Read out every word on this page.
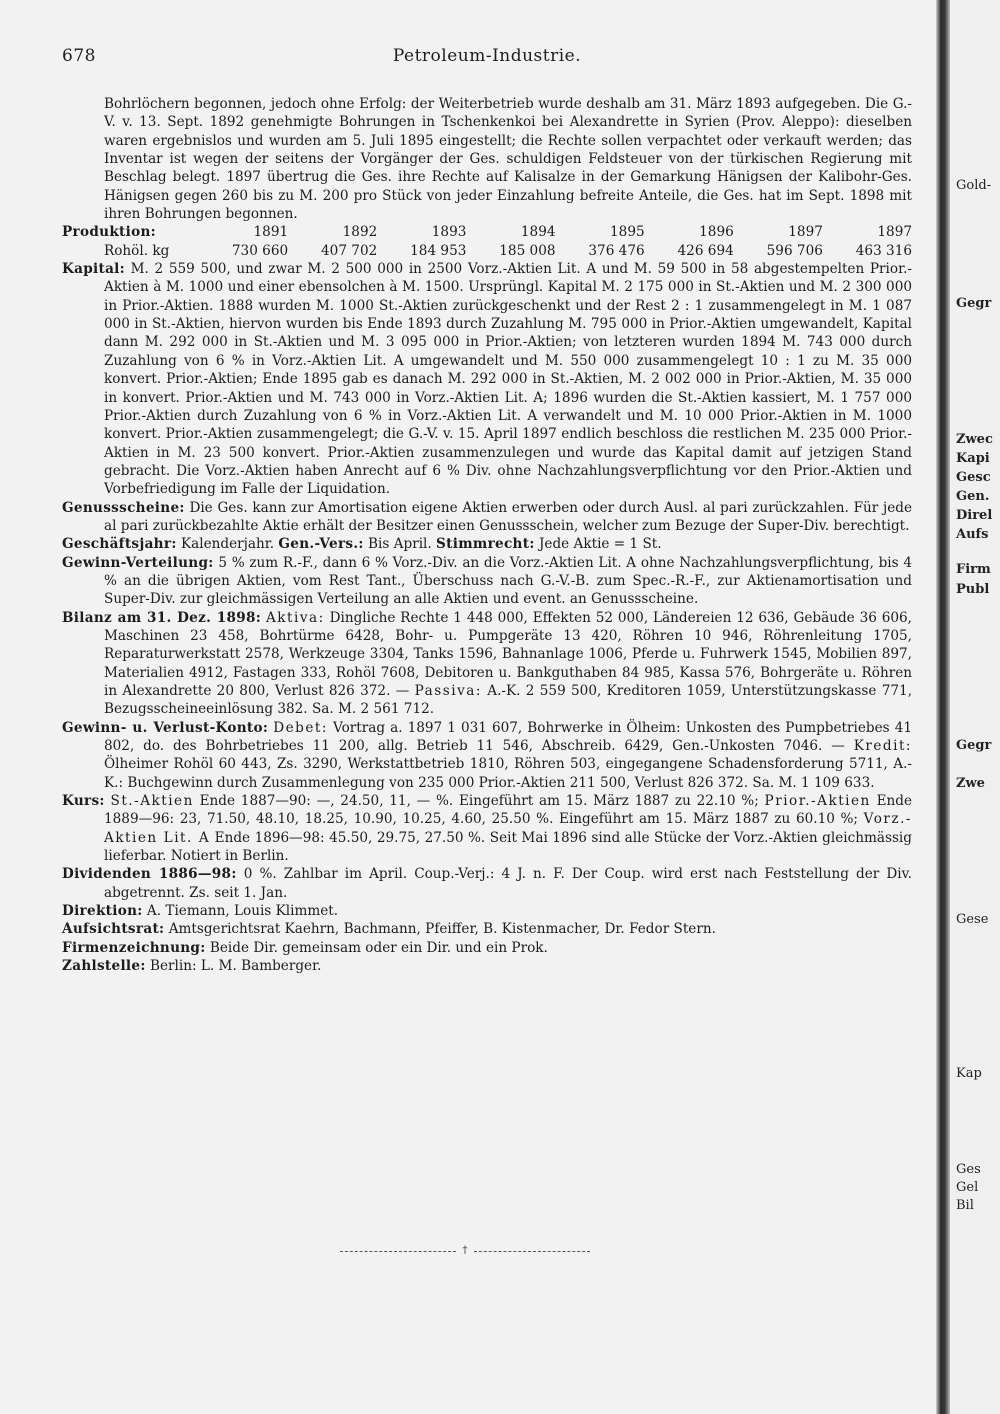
678	Petroleum-Industrie.

Bohrlöchern begonnen, jedoch ohne Erfolg: der Weiterbetrieb wurde deshalb am 31. März 1893 aufgegeben. Die G.-V. v. 13. Sept. 1892 genehmigte Bohrungen in Tschenkenkoi bei Alexandrette in Syrien (Prov. Aleppo): dieselben waren ergebnislos und wurden am 5. Juli 1895 eingestellt; die Rechte sollen verpachtet oder verkauft werden; das Inventar ist wegen der seitens der Vorgänger der Ges. schuldigen Feldsteuer von der türkischen Regierung mit Beschlag belegt. 1897 übertrug die Ges. ihre Rechte auf Kalisalze in der Gemarkung Hänigsen der Kalibohr-Ges. Hänigsen gegen 260 bis zu M. 200 pro Stück von jeder Einzahlung befreite Anteile, die Ges. hat im Sept. 1898 mit ihren Bohrungen begonnen.

Produktion:	1891	1892	1893	1894	1895	1896	1897	1897
Rohöl. kg	730 660	407 702	184 953	185 008	376 476	426 694	596 706	463 316

Kapital: M. 2 559 500, und zwar M. 2 500 000 in 2500 Vorz.-Aktien Lit. A und M. 59 500 in 58 abgestempelten Prior.-Aktien à M. 1000 und einer ebensolchen à M. 1500. Ursprüngl. Kapital M. 2 175 000 in St.-Aktien und M. 2 300 000 in Prior.-Aktien. 1888 wurden M. 1000 St.-Aktien zurückgeschenkt und der Rest 2 : 1 zusammengelegt in M. 1 087 000 in St.-Aktien, hiervon wurden bis Ende 1893 durch Zuzahlung M. 795 000 in Prior.-Aktien umgewandelt, Kapital dann M. 292 000 in St.-Aktien und M. 3 095 000 in Prior.-Aktien; von letzteren wurden 1894 M. 743 000 durch Zuzahlung von 6 % in Vorz.-Aktien Lit. A umgewandelt und M. 550 000 zusammengelegt 10 : 1 zu M. 35 000 konvert. Prior.-Aktien; Ende 1895 gab es danach M. 292 000 in St.-Aktien, M. 2 002 000 in Prior.-Aktien, M. 35 000 in konvert. Prior.-Aktien und M. 743 000 in Vorz.-Aktien Lit. A; 1896 wurden die St.-Aktien kassiert, M. 1 757 000 Prior.-Aktien durch Zuzahlung von 6 % in Vorz.-Aktien Lit. A verwandelt und M. 10 000 Prior.-Aktien in M. 1000 konvert. Prior.-Aktien zusammengelegt; die G.-V. v. 15. April 1897 endlich beschloss die restlichen M. 235 000 Prior.-Aktien in M. 23 500 konvert. Prior.-Aktien zusammenzulegen und wurde das Kapital damit auf jetzigen Stand gebracht. Die Vorz.-Aktien haben Anrecht auf 6 % Div. ohne Nachzahlungsverpflichtung vor den Prior.-Aktien und Vorbefriedigung im Falle der Liquidation.

Genussscheine: Die Ges. kann zur Amortisation eigene Aktien erwerben oder durch Ausl. al pari zurückzahlen. Für jede al pari zurückbezahlte Aktie erhält der Besitzer einen Genussschein, welcher zum Bezuge der Super-Div. berechtigt.

Geschäftsjahr: Kalenderjahr. Gen.-Vers.: Bis April. Stimmrecht: Jede Aktie = 1 St.

Gewinn-Verteilung: 5 % zum R.-F., dann 6 % Vorz.-Div. an die Vorz.-Aktien Lit. A ohne Nachzahlungsverpflichtung, bis 4 % an die übrigen Aktien, vom Rest Tant., Überschuss nach G.-V.-B. zum Spec.-R.-F., zur Aktienamortisation und Super-Div. zur gleichmässigen Verteilung an alle Aktien und event. an Genussscheine.

Bilanz am 31. Dez. 1898: Aktiva: Dingliche Rechte 1 448 000, Effekten 52 000, Ländereien 12 636, Gebäude 36 606, Maschinen 23 458, Bohrtürme 6428, Bohr- u. Pumpgeräte 13 420, Röhren 10 946, Röhrenleitung 1705, Reparaturwerkstatt 2578, Werkzeuge 3304, Tanks 1596, Bahnanlage 1006, Pferde u. Fuhrwerk 1545, Mobilien 897, Materialien 4912, Fastagen 333, Rohöl 7608, Debitoren u. Bankguthaben 84 985, Kassa 576, Bohrgeräte u. Röhren in Alexandrette 20 800, Verlust 826 372. — Passiva: A.-K. 2 559 500, Kreditoren 1059, Unterstützungskasse 771, Bezugsscheineeinlösung 382. Sa. M. 2 561 712.

Gewinn- u. Verlust-Konto: Debet: Vortrag a. 1897 1 031 607, Bohrwerke in Ölheim: Unkosten des Pumpbetriebes 41 802, do. des Bohrbetriebes 11 200, allg. Betrieb 11 546, Abschreib. 6429, Gen.-Unkosten 7046. — Kredit: Ölheimer Rohöl 60 443, Zs. 3290, Werkstattbetrieb 1810, Röhren 503, eingegangene Schadensforderung 5711, A.-K.: Buchgewinn durch Zusammenlegung von 235 000 Prior.-Aktien 211 500, Verlust 826 372. Sa. M. 1 109 633.

Kurs: St.-Aktien Ende 1887—90: —, 24.50, 11, — %. Eingeführt am 15. März 1887 zu 22.10 %; Prior.-Aktien Ende 1889—96: 23, 71.50, 48.10, 18.25, 10.90, 10.25, 4.60, 25.50 %. Eingeführt am 15. März 1887 zu 60.10 %; Vorz.-Aktien Lit. A Ende 1896—98: 45.50, 29.75, 27.50 %. Seit Mai 1896 sind alle Stücke der Vorz.-Aktien gleichmässig lieferbar. Notiert in Berlin.

Dividenden 1886—98: 0 %. Zahlbar im April. Coup.-Verj.: 4 J. n. F. Der Coup. wird erst nach Feststellung der Div. abgetrennt. Zs. seit 1. Jan.

Direktion: A. Tiemann, Louis Klimmet.

Aufsichtsrat: Amtsgerichtsrat Kaehrn, Bachmann, Pfeiffer, B. Kistenmacher, Dr. Fedor Stern.

Firmenzeichnung: Beide Dir. gemeinsam oder ein Dir. und ein Prok.

Zahlstelle: Berlin: L. M. Bamberger.

†
Gold-
Gegr
Zwec
Kapi
Gesc
Gen.
Direl
Aufs
Firm
Publ
Gegr
Zwe
Gese
Kap
Ges
Gel
Bil
